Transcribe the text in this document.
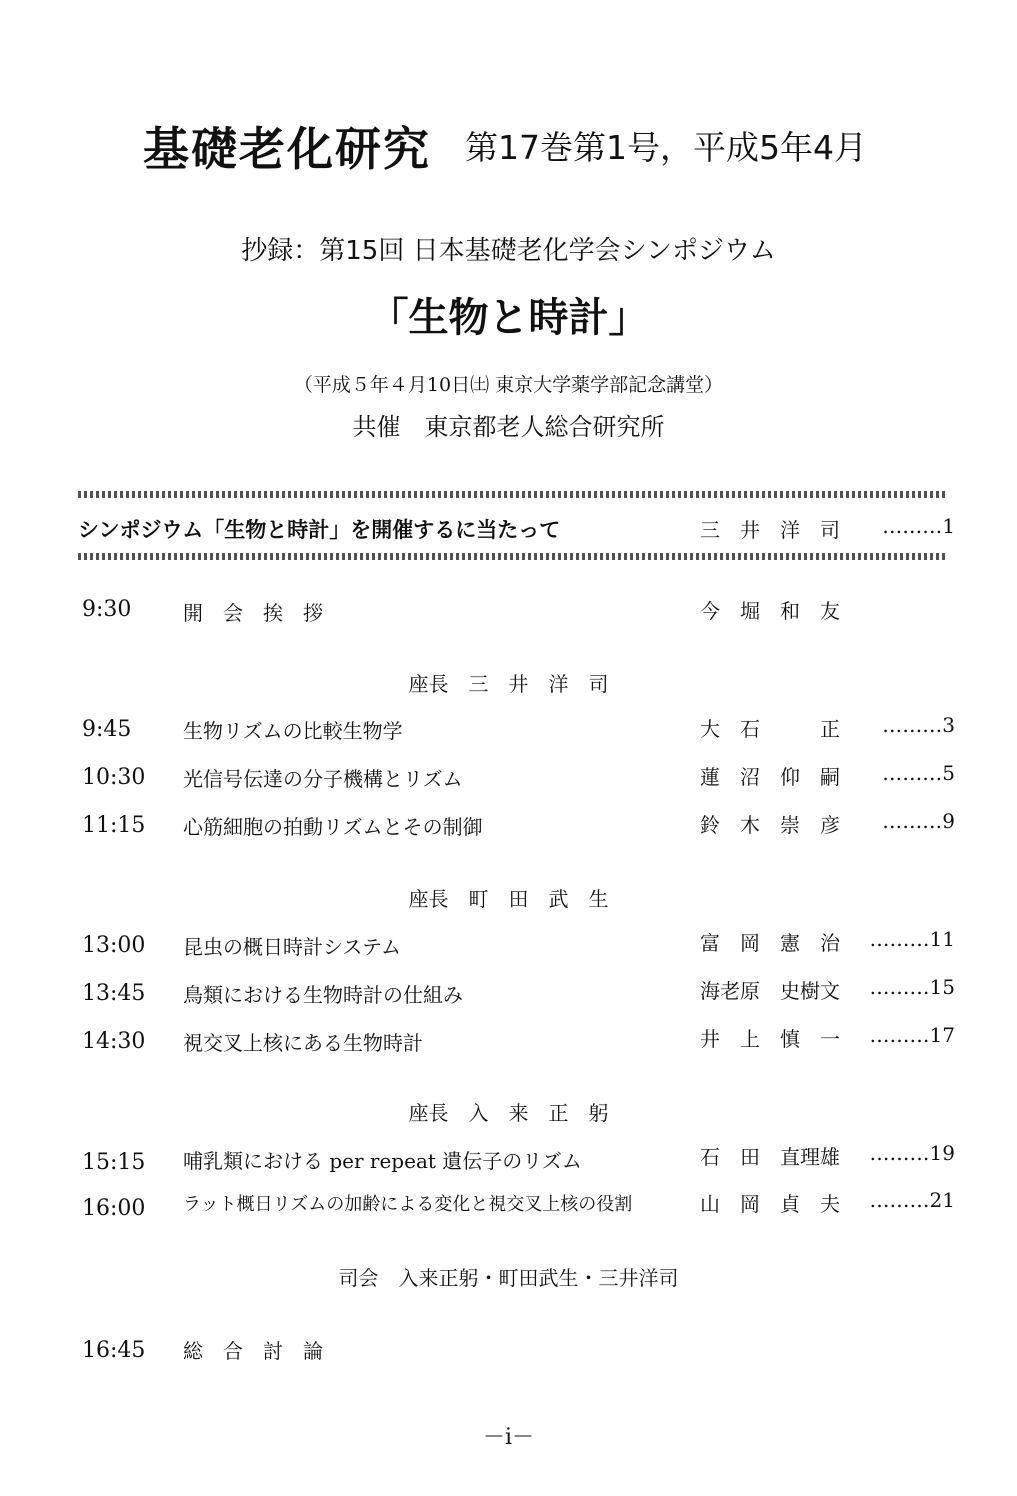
基礎老化研究 第17巻第1号，平成5年4月
抄録：第15回 日本基礎老化学会シンポジウム
「生物と時計」
（平成５年４月10日㈯ 東京大学薬学部記念講堂）
共催　東京都老人総合研究所
シンポジウム「生物と時計」を開催するに当たって	三　井　洋　司	………1
9:30	開　会　挨　拶	今　堀　和　友
座長　三　井　洋　司
9:45	生物リズムの比較生物学	大　石　　　正	………3
10:30 光信号伝達の分子機構とリズム	蓮　沼　仰　嗣	………5
11:15 心筋細胞の拍動リズムとその制御	鈴　木　崇　彦	………9
座長　町　田　武　生
13:00 昆虫の概日時計システム	富　岡　憲　治	………11
13:45 鳥類における生物時計の仕組み	海老原　史樹文	………15
14:30 視交叉上核にある生物時計	井　上　慎　一	………17
座長　入　来　正　躬
15:15 哺乳類における per repeat 遺伝子のリズム	石　田　直理雄	………19
16:00 ラット概日リズムの加齢による変化と視交叉上核の役割	山　岡　貞　夫	………21
司会　入来正躬・町田武生・三井洋司
16:45 総　合　討　論
－i－
